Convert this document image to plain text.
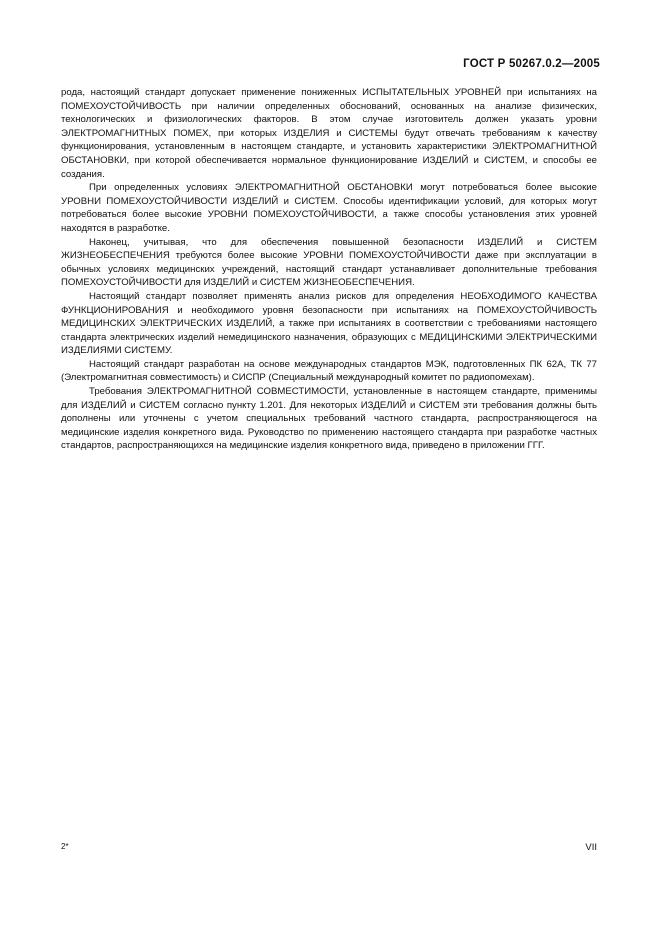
ГОСТ Р 50267.0.2—2005

рода, настоящий стандарт допускает применение пониженных ИСПЫТАТЕЛЬНЫХ УРОВНЕЙ при испытаниях на ПОМЕХОУСТОЙЧИВОСТЬ при наличии определенных обоснований, основанных на анализе физических, технологических и физиологических факторов. В этом случае изготовитель должен указать уровни ЭЛЕКТРОМАГНИТНЫХ ПОМЕХ, при которых ИЗДЕЛИЯ и СИСТЕМЫ будут отвечать требованиям к качеству функционирования, установленным в настоящем стандарте, и установить характеристики ЭЛЕКТРОМАГНИТНОЙ ОБСТАНОВКИ, при которой обеспечивается нормальное функционирование ИЗДЕЛИЙ и СИСТЕМ, и способы ее создания.

При определенных условиях ЭЛЕКТРОМАГНИТНОЙ ОБСТАНОВКИ могут потребоваться более высокие УРОВНИ ПОМЕХОУСТОЙЧИВОСТИ ИЗДЕЛИЙ и СИСТЕМ. Способы идентификации условий, для которых могут потребоваться более высокие УРОВНИ ПОМЕХОУСТОЙЧИВОСТИ, а также способы установления этих уровней находятся в разработке.

Наконец, учитывая, что для обеспечения повышенной безопасности ИЗДЕЛИЙ и СИСТЕМ ЖИЗНЕОБЕСПЕЧЕНИЯ требуются более высокие УРОВНИ ПОМЕХОУСТОЙЧИВОСТИ даже при эксплуатации в обычных условиях медицинских учреждений, настоящий стандарт устанавливает дополнительные требования ПОМЕХОУСТОЙЧИВОСТИ для ИЗДЕЛИЙ и СИСТЕМ ЖИЗНЕОБЕСПЕЧЕНИЯ.

Настоящий стандарт позволяет применять анализ рисков для определения НЕОБХОДИМОГО КАЧЕСТВА ФУНКЦИОНИРОВАНИЯ и необходимого уровня безопасности при испытаниях на ПОМЕХОУСТОЙЧИВОСТЬ МЕДИЦИНСКИХ ЭЛЕКТРИЧЕСКИХ ИЗДЕЛИЙ, а также при испытаниях в соответствии с требованиями настоящего стандарта электрических изделий немедицинского назначения, образующих с МЕДИЦИНСКИМИ ЭЛЕКТРИЧЕСКИМИ ИЗДЕЛИЯМИ СИСТЕМУ.

Настоящий стандарт разработан на основе международных стандартов МЭК, подготовленных ПК 62А, ТК 77 (Электромагнитная совместимость) и СИСПР (Специальный международный комитет по радиопомехам).

Требования ЭЛЕКТРОМАГНИТНОЙ СОВМЕСТИМОСТИ, установленные в настоящем стандарте, применимы для ИЗДЕЛИЙ и СИСТЕМ согласно пункту 1.201. Для некоторых ИЗДЕЛИЙ и СИСТЕМ эти требования должны быть дополнены или уточнены с учетом специальных требований частного стандарта, распространяющегося на медицинские изделия конкретного вида. Руководство по применению настоящего стандарта при разработке частных стандартов, распространяющихся на медицинские изделия конкретного вида, приведено в приложении ГГГ.

2*	VII
